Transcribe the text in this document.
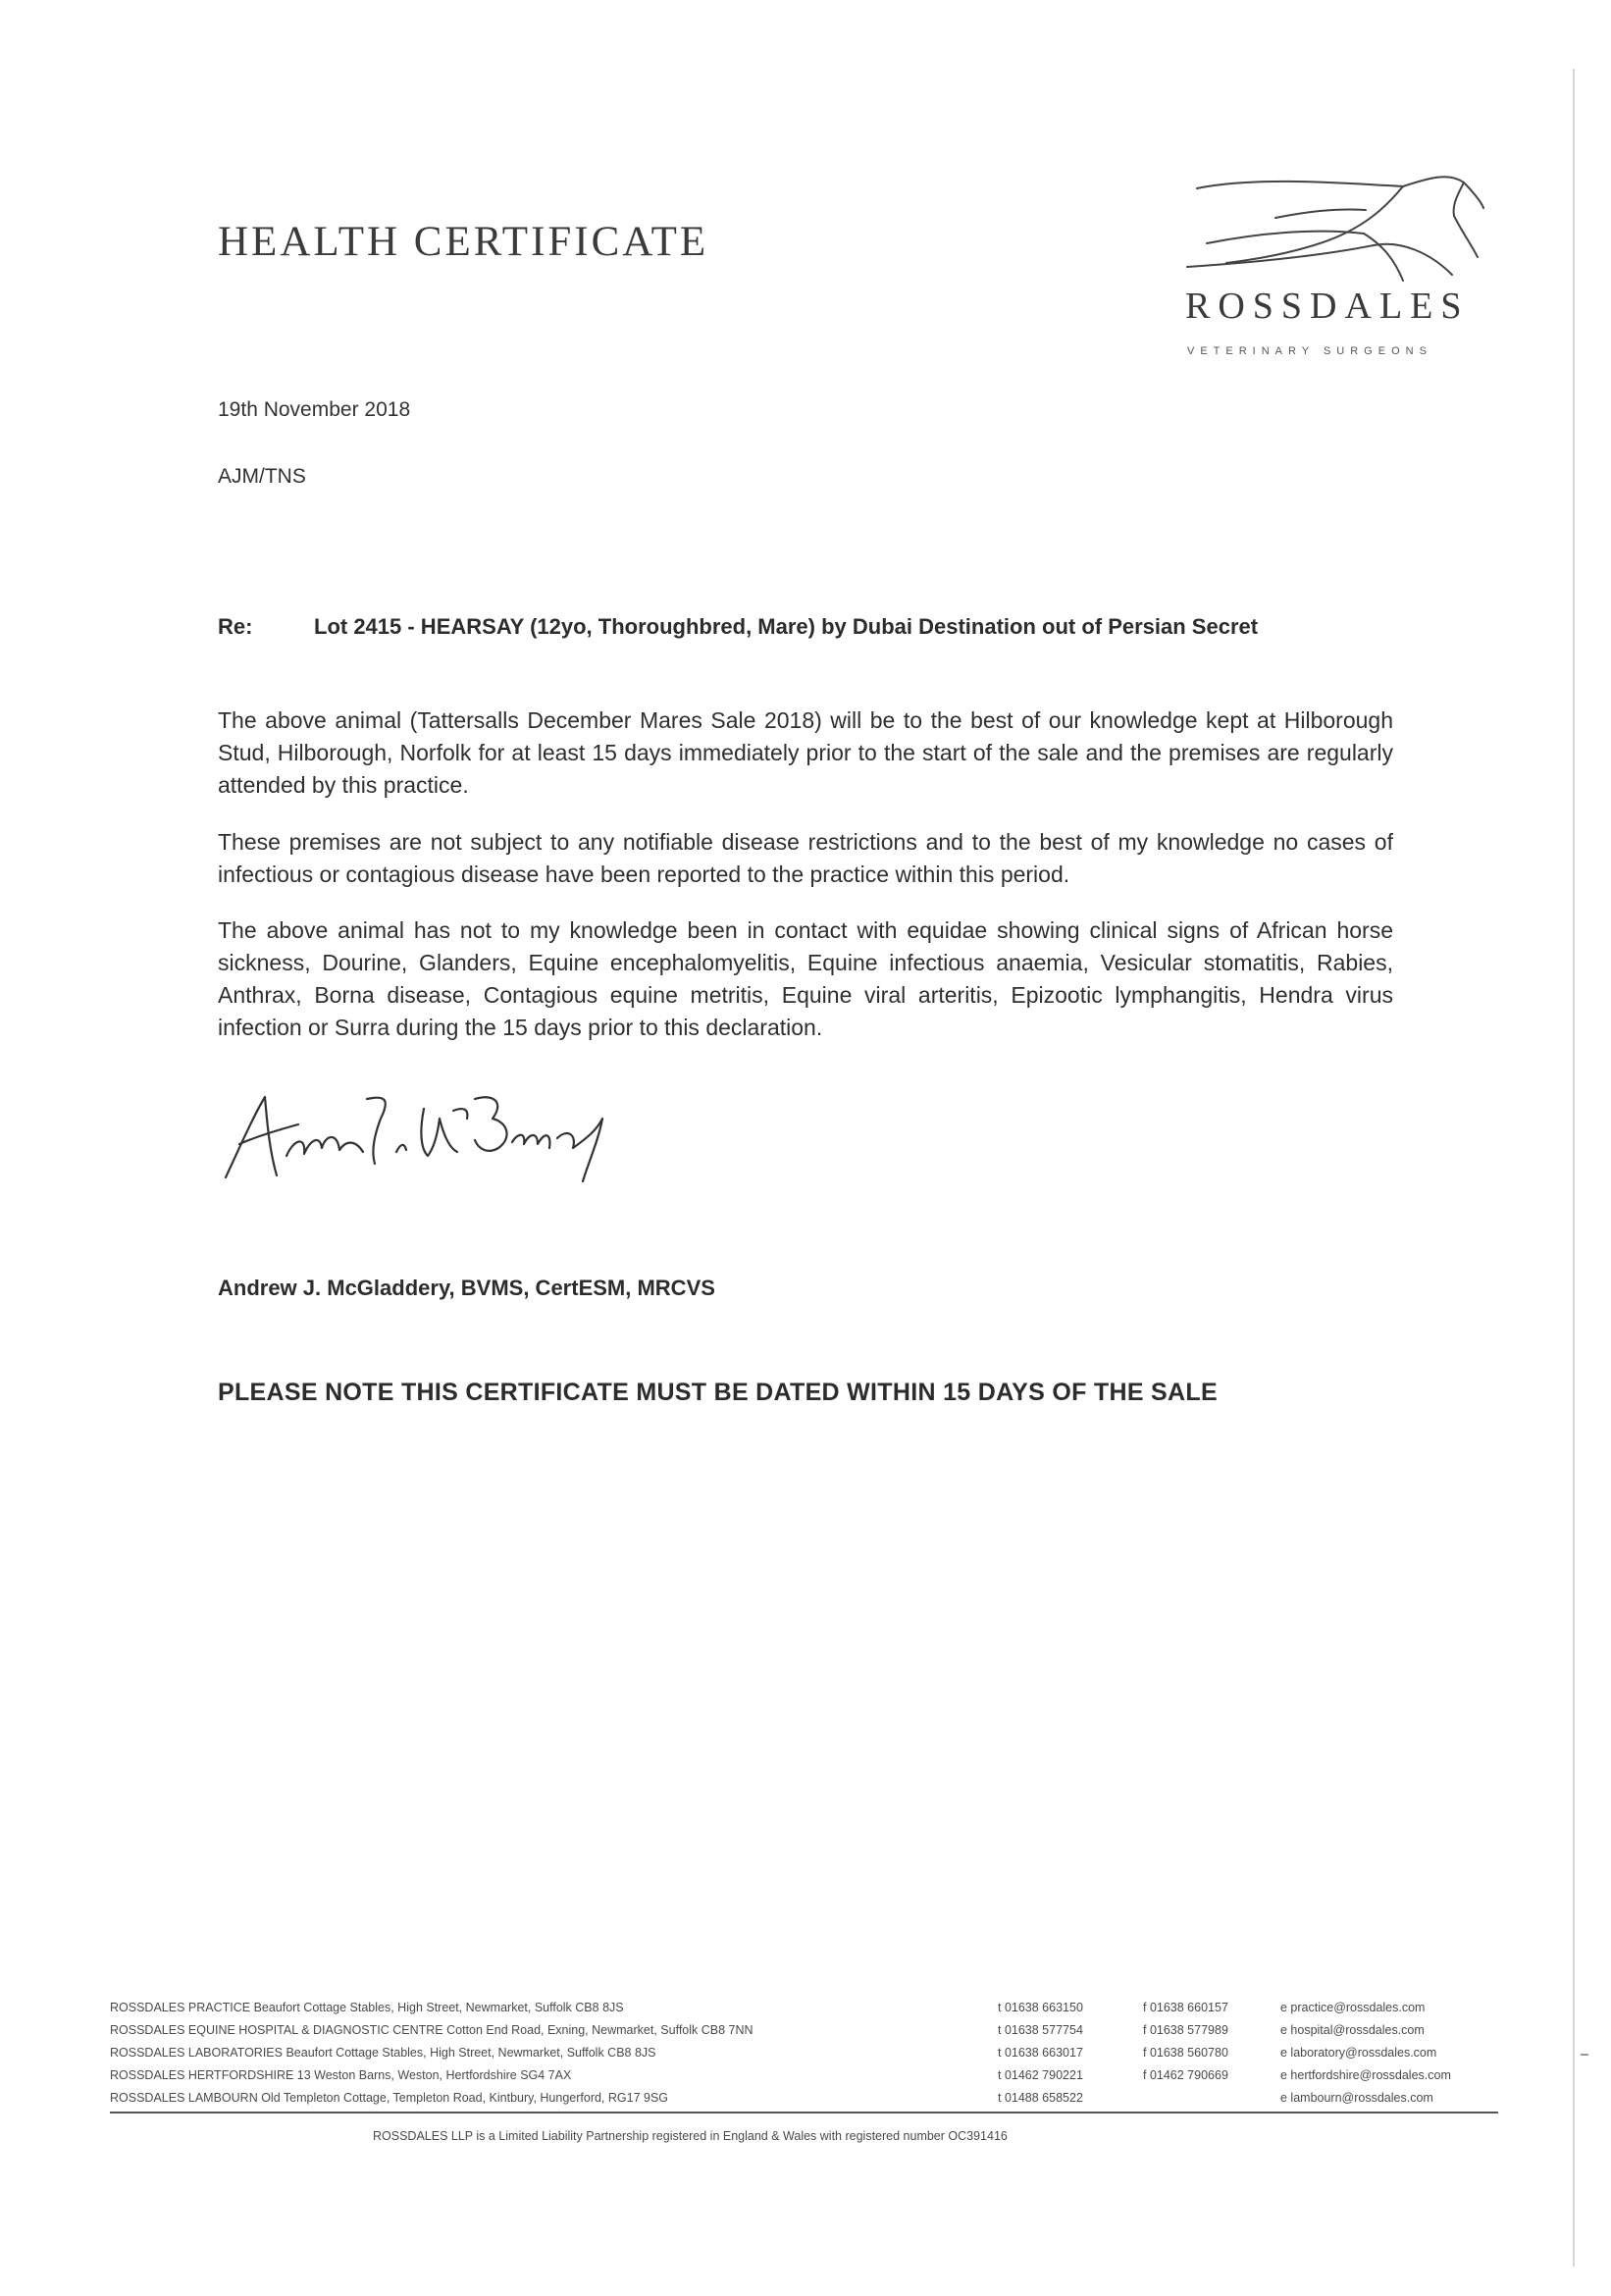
HEALTH CERTIFICATE
ROSSDALES
VETERINARY SURGEONS
19th November 2018
AJM/TNS
Re:	Lot 2415 - HEARSAY (12yo, Thoroughbred, Mare) by Dubai Destination out of Persian Secret
The above animal (Tattersalls December Mares Sale 2018) will be to the best of our knowledge kept at Hilborough Stud, Hilborough, Norfolk for at least 15 days immediately prior to the start of the sale and the premises are regularly attended by this practice.
These premises are not subject to any notifiable disease restrictions and to the best of my knowledge no cases of infectious or contagious disease have been reported to the practice within this period.
The above animal has not to my knowledge been in contact with equidae showing clinical signs of African horse sickness, Dourine, Glanders, Equine encephalomyelitis, Equine infectious anaemia, Vesicular stomatitis, Rabies, Anthrax, Borna disease, Contagious equine metritis, Equine viral arteritis, Epizootic lymphangitis, Hendra virus infection or Surra during the 15 days prior to this declaration.
Andrew J. McGladdery, BVMS, CertESM, MRCVS
PLEASE NOTE THIS CERTIFICATE MUST BE DATED WITHIN 15 DAYS OF THE SALE
ROSSDALES PRACTICE Beaufort Cottage Stables, High Street, Newmarket, Suffolk CB8 8JS	t 01638 663150	f 01638 660157	e practice@rossdales.com
ROSSDALES EQUINE HOSPITAL & DIAGNOSTIC CENTRE Cotton End Road, Exning, Newmarket, Suffolk CB8 7NN	t 01638 577754	f 01638 577989	e hospital@rossdales.com
ROSSDALES LABORATORIES Beaufort Cottage Stables, High Street, Newmarket, Suffolk CB8 8JS	t 01638 663017	f 01638 560780	e laboratory@rossdales.com
ROSSDALES HERTFORDSHIRE 13 Weston Barns, Weston, Hertfordshire SG4 7AX	t 01462 790221	f 01462 790669	e hertfordshire@rossdales.com
ROSSDALES LAMBOURN Old Templeton Cottage, Templeton Road, Kintbury, Hungerford, RG17 9SG	t 01488 658522	e lambourn@rossdales.com
ROSSDALES LLP is a Limited Liability Partnership registered in England & Wales with registered number OC391416
